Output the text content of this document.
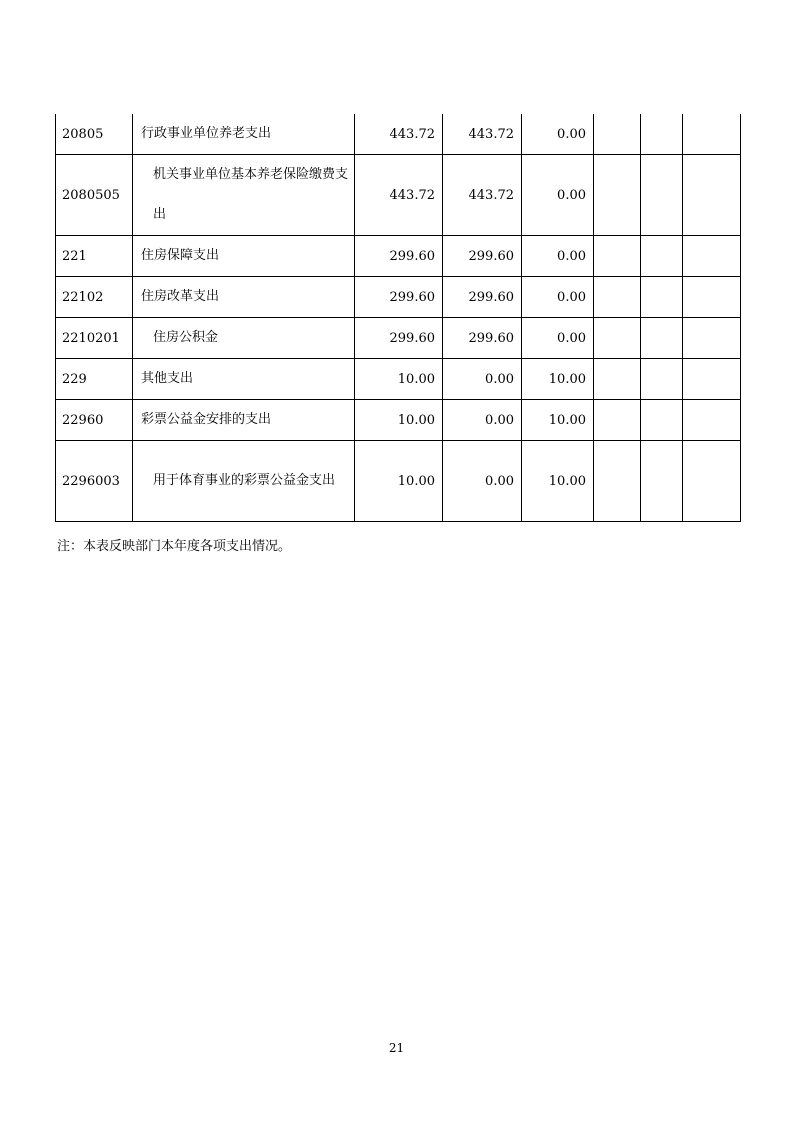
20805	行政事业单位养老支出	443.72	443.72	0.00			
2080505	机关事业单位基本养老保险缴费支出	443.72	443.72	0.00			
221	住房保障支出	299.60	299.60	0.00			
22102	住房改革支出	299.60	299.60	0.00			
2210201	住房公积金	299.60	299.60	0.00			
229	其他支出	10.00	0.00	10.00			
22960	彩票公益金安排的支出	10.00	0.00	10.00			
2296003	用于体育事业的彩票公益金支出	10.00	0.00	10.00			
注：本表反映部门本年度各项支出情况。
21
